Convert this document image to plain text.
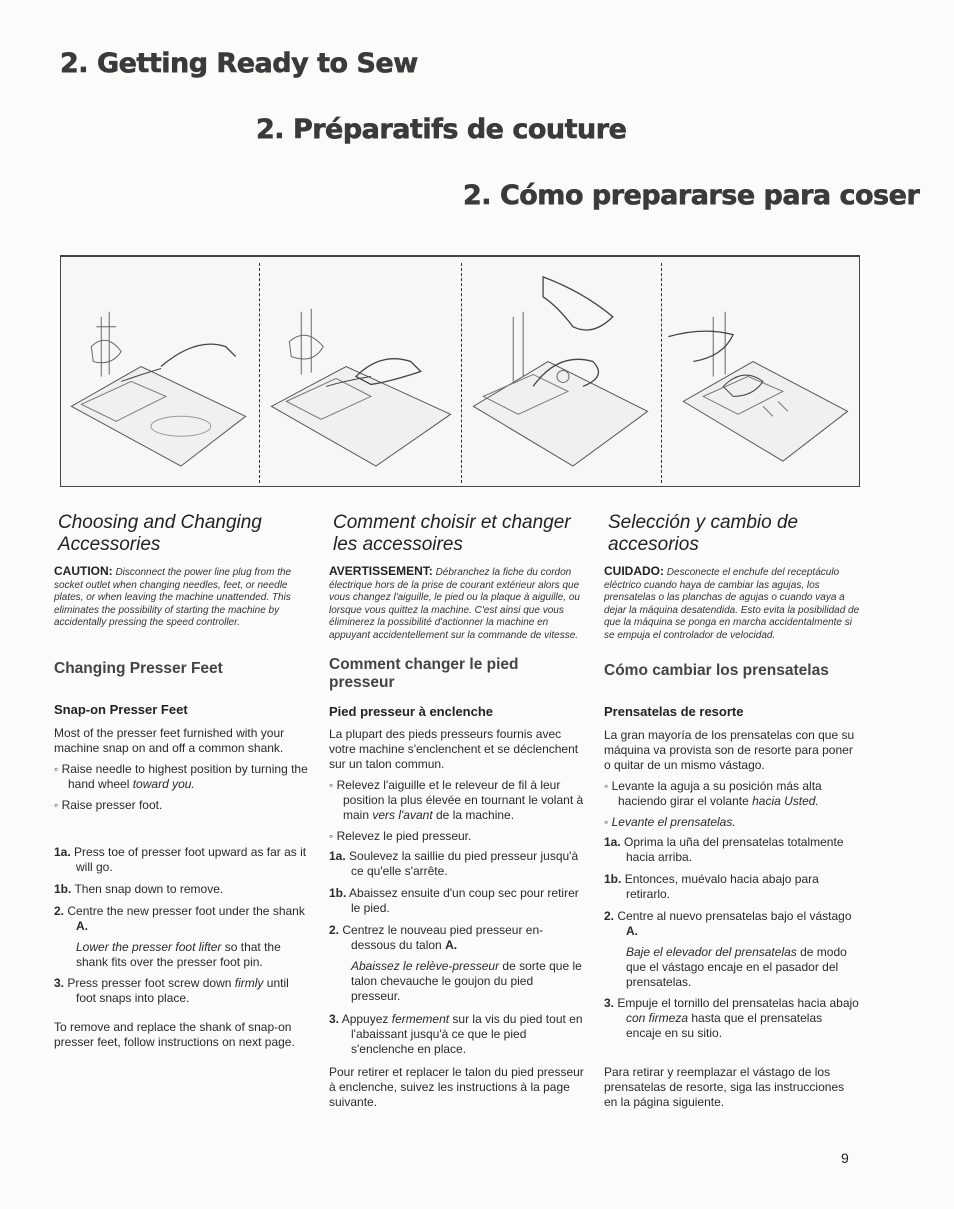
2. Getting Ready to Sew
2. Préparatifs de couture
2. Cómo prepararse para coser
Choosing and Changing Accessories

CAUTION: Disconnect the power line plug from the socket outlet when changing needles, feet, or needle plates, or when leaving the machine unattended. This eliminates the possibility of starting the machine by accidentally pressing the speed controller.

Changing Presser Feet
Snap-on Presser Feet

Most of the presser feet furnished with your machine snap on and off a common shank.

◦ Raise needle to highest position by turning the hand wheel toward you.

◦ Raise presser foot.

1a. Press toe of presser foot upward as far as it will go.

1b. Then snap down to remove.

2. Centre the new presser foot under the shank A.

Lower the presser foot lifter so that the shank fits over the presser foot pin.

3. Press presser foot screw down firmly until foot snaps into place.

To remove and replace the shank of snap-on presser feet, follow instructions on next page.

Comment choisir et changer les accessoires

AVERTISSEMENT: Débranchez la fiche du cordon électrique hors de la prise de courant extérieur alors que vous changez l'aiguille, le pied ou la plaque à aiguille, ou lorsque vous quittez la machine. C'est ainsi que vous éliminerez la possibilité d'actionner la machine en appuyant accidentellement sur la commande de vitesse.

Comment changer le pied presseur
Pied presseur à enclenche

La plupart des pieds presseurs fournis avec votre machine s'enclenchent et se déclenchent sur un talon commun.

◦ Relevez l'aiguille et le releveur de fil à leur position la plus élevée en tournant le volant à main vers l'avant de la machine.

◦ Relevez le pied presseur.

1a. Soulevez la saillie du pied presseur jusqu'à ce qu'elle s'arrête.

1b. Abaissez ensuite d'un coup sec pour retirer le pied.

2. Centrez le nouveau pied presseur en-dessous du talon A.

Abaissez le relève-presseur de sorte que le talon chevauche le goujon du pied presseur.

3. Appuyez fermement sur la vis du pied tout en l'abaissant jusqu'à ce que le pied s'enclenche en place.

Pour retirer et replacer le talon du pied presseur à enclenche, suivez les instructions à la page suivante.

Selección y cambio de accesorios

CUIDADO: Desconecte el enchufe del receptáculo eléctrico cuando haya de cambiar las agujas, los prensatelas o las planchas de agujas o cuando vaya a dejar la máquina desatendida. Esto evita la posibilidad de que la máquina se ponga en marcha accidentalmente si se empuja el controlador de velocidad.

Cómo cambiar los prensatelas
Prensatelas de resorte

La gran mayoría de los prensatelas con que su máquina va provista son de resorte para poner o quitar de un mismo vástago.

◦ Levante la aguja a su posición más alta haciendo girar el volante hacia Usted.

◦ Levante el prensatelas.

1a. Oprima la uña del prensatelas totalmente hacia arriba.

1b. Entonces, muévalo hacia abajo para retirarlo.

2. Centre al nuevo prensatelas bajo el vástago A.

Baje el elevador del prensatelas de modo que el vástago encaje en el pasador del prensatelas.

3. Empuje el tornillo del prensatelas hacia abajo con firmeza hasta que el prensatelas encaje en su sitio.

Para retirar y reemplazar el vástago de los prensatelas de resorte, siga las instrucciones en la página siguiente.

9
